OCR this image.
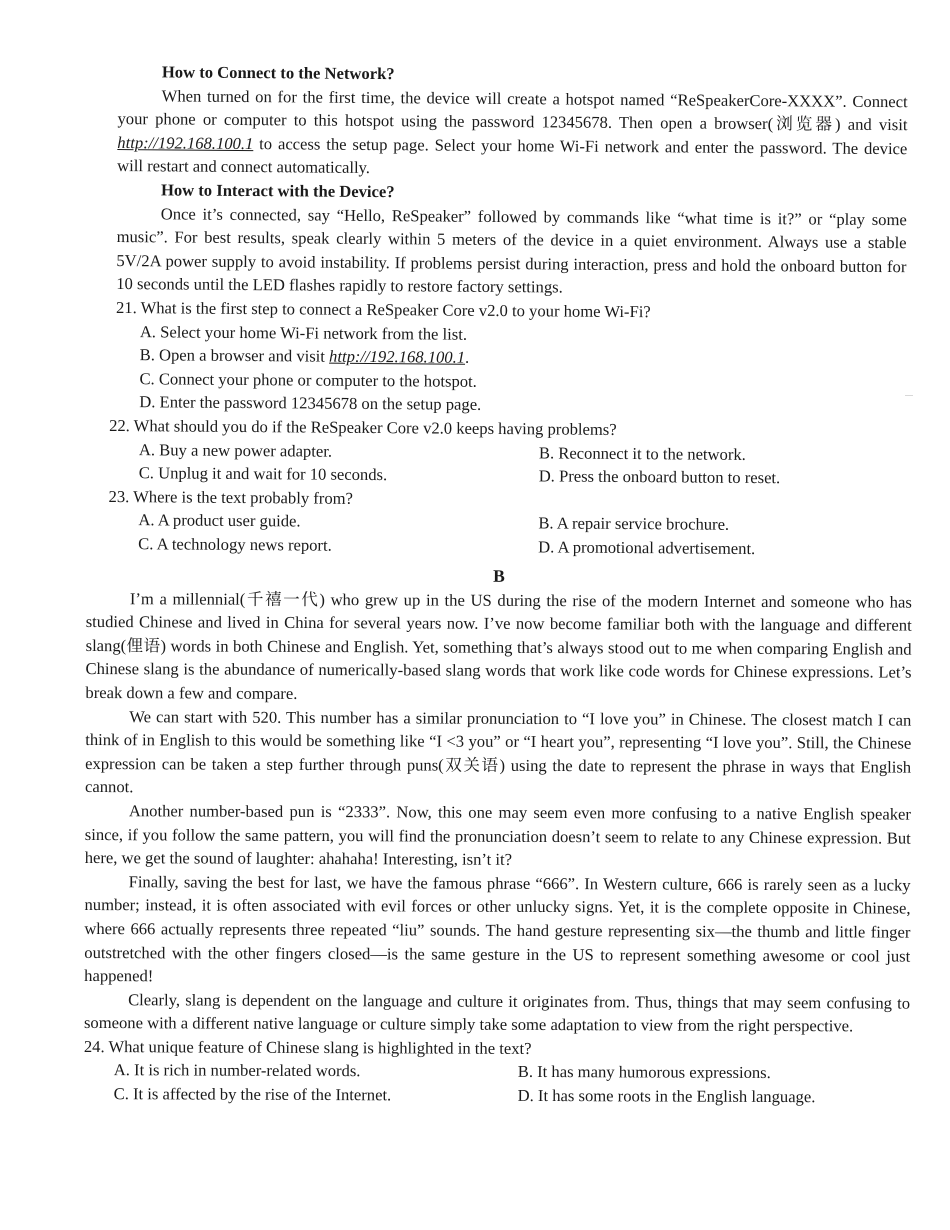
How to Connect to the Network?

When turned on for the first time, the device will create a hotspot named “ReSpeakerCore-XXXX”. Connect your phone or computer to this hotspot using the password 12345678. Then open a browser(浏览器) and visit http://192.168.100.1 to access the setup page. Select your home Wi-Fi network and enter the password. The device will restart and connect automatically.

How to Interact with the Device?

Once it’s connected, say “Hello, ReSpeaker” followed by commands like “what time is it?” or “play some music”. For best results, speak clearly within 5 meters of the device in a quiet environment. Always use a stable 5V/2A power supply to avoid instability. If problems persist during interaction, press and hold the onboard button for 10 seconds until the LED flashes rapidly to restore factory settings.

21. What is the first step to connect a ReSpeaker Core v2.0 to your home Wi-Fi?

A. Select your home Wi-Fi network from the list.

B. Open a browser and visit http://192.168.100.1.

C. Connect your phone or computer to the hotspot.

D. Enter the password 12345678 on the setup page.

22. What should you do if the ReSpeaker Core v2.0 keeps having problems?

A. Buy a new power adapter.	B. Reconnect it to the network.

C. Unplug it and wait for 10 seconds.	D. Press the onboard button to reset.

23. Where is the text probably from?

A. A product user guide.	B. A repair service brochure.

C. A technology news report.	D. A promotional advertisement.

B

I’m a millennial(千禧一代) who grew up in the US during the rise of the modern Internet and someone who has studied Chinese and lived in China for several years now. I’ve now become familiar both with the language and different slang(俚语) words in both Chinese and English. Yet, something that’s always stood out to me when comparing English and Chinese slang is the abundance of numerically-based slang words that work like code words for Chinese expressions. Let’s break down a few and compare.

We can start with 520. This number has a similar pronunciation to “I love you” in Chinese. The closest match I can think of in English to this would be something like “I <3 you” or “I heart you”, representing “I love you”. Still, the Chinese expression can be taken a step further through puns(双关语) using the date to represent the phrase in ways that English cannot.

Another number-based pun is “2333”. Now, this one may seem even more confusing to a native English speaker since, if you follow the same pattern, you will find the pronunciation doesn’t seem to relate to any Chinese expression. But here, we get the sound of laughter: ahahaha! Interesting, isn’t it?

Finally, saving the best for last, we have the famous phrase “666”. In Western culture, 666 is rarely seen as a lucky number; instead, it is often associated with evil forces or other unlucky signs. Yet, it is the complete opposite in Chinese, where 666 actually represents three repeated “liu” sounds. The hand gesture representing six—the thumb and little finger outstretched with the other fingers closed—is the same gesture in the US to represent something awesome or cool just happened!

Clearly, slang is dependent on the language and culture it originates from. Thus, things that may seem confusing to someone with a different native language or culture simply take some adaptation to view from the right perspective.

24. What unique feature of Chinese slang is highlighted in the text?

A. It is rich in number-related words.	B. It has many humorous expressions.

C. It is affected by the rise of the Internet.	D. It has some roots in the English language.
